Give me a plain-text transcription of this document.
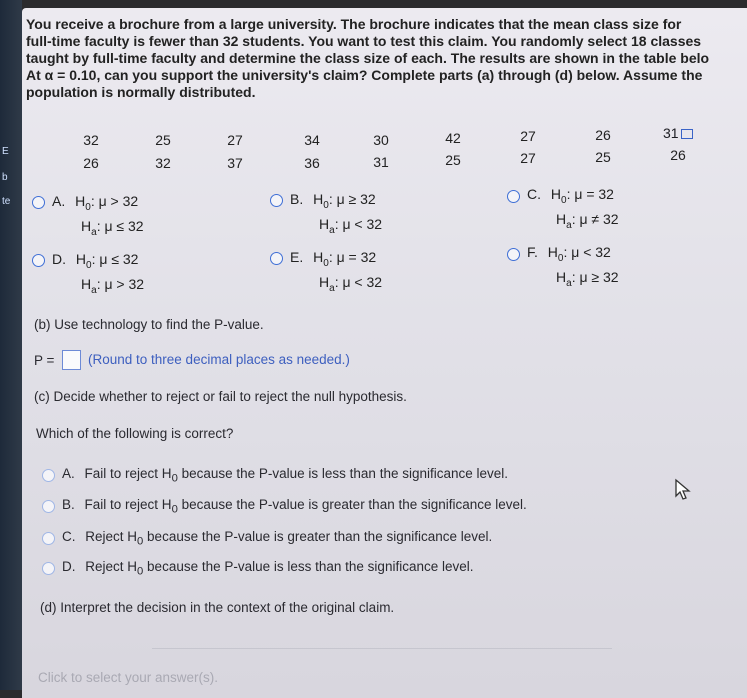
E
b
te
You receive a brochure from a large university. The brochure indicates that the mean class size for
full-time faculty is fewer than 32 students. You want to test this claim. You randomly select 18 classes
taught by full-time faculty and determine the class size of each. The results are shown in the table belo
At α = 0.10, can you support the university's claim? Complete parts (a) through (d) below. Assume the
population is normally distributed.
32	25	27	34	30	42	27	26	31
26	32	37	36	31	25	27	25	26
A. $H_0$: μ > 32
$H_a$: μ ≤ 32
B. $H_0$: μ ≥ 32
$H_a$: μ < 32
C. $H_0$: μ = 32
$H_a$: μ ≠ 32
D. $H_0$: μ ≤ 32
$H_a$: μ > 32
E. $H_0$: μ = 32
$H_a$: μ < 32
F. $H_0$: μ < 32
$H_a$: μ ≥ 32
(b) Use technology to find the P-value.
P = (Round to three decimal places as needed.)
(c) Decide whether to reject or fail to reject the null hypothesis.
Which of the following is correct?
A. Fail to reject $H_0$ because the P-value is less than the significance level.
B. Fail to reject $H_0$ because the P-value is greater than the significance level.
C. Reject $H_0$ because the P-value is greater than the significance level.
D. Reject $H_0$ because the P-value is less than the significance level.
(d) Interpret the decision in the context of the original claim.
Click to select your answer(s).
